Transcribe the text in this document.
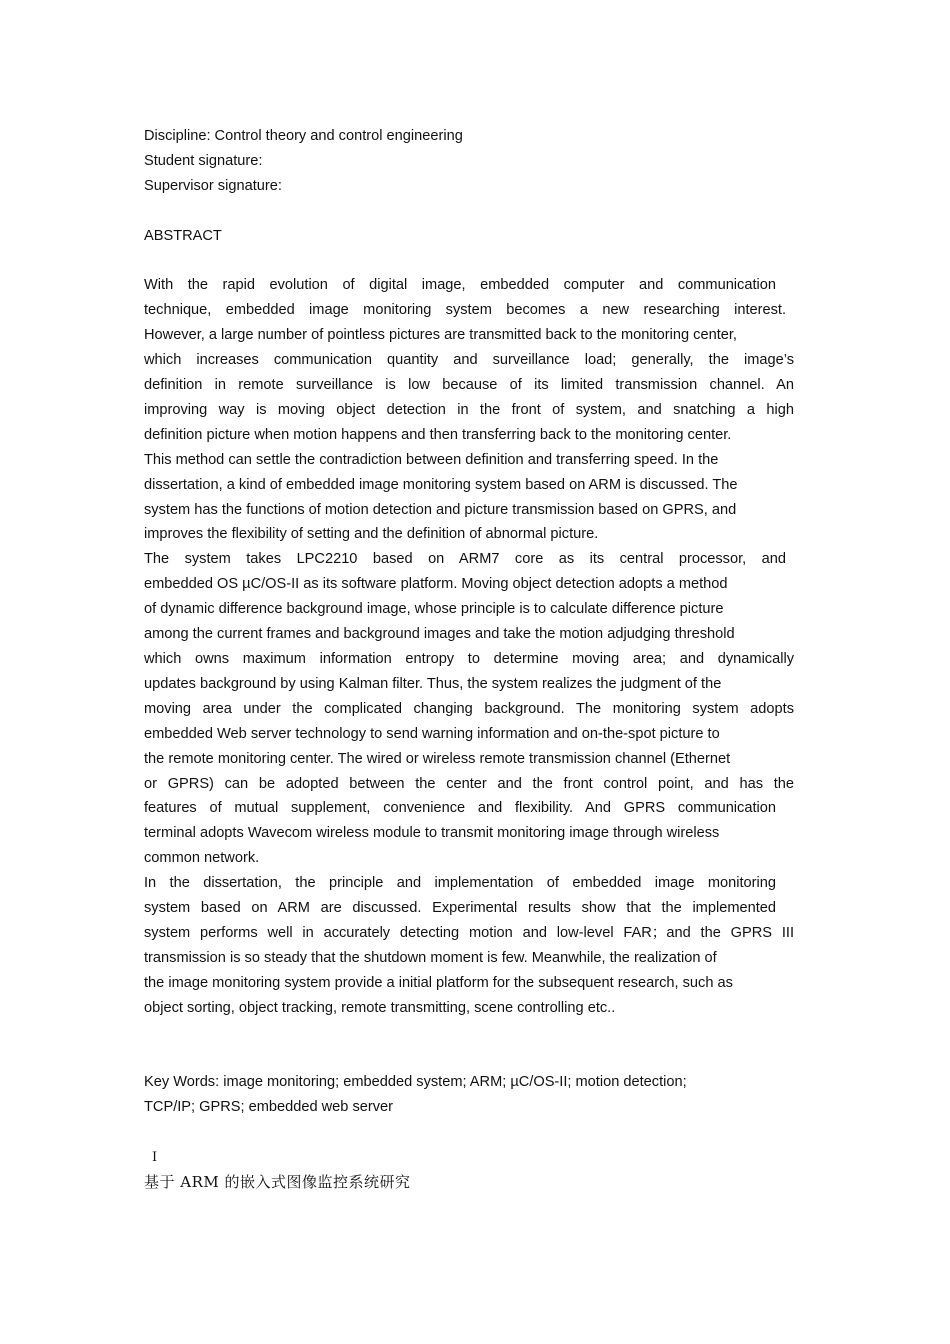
Discipline: Control theory and control engineering
Student signature:
Supervisor signature:
ABSTRACT
With the rapid evolution of digital image, embedded computer and communication
technique, embedded image monitoring system becomes a new researching interest.
However, a large number of pointless pictures are transmitted back to the monitoring center,
which increases communication quantity and surveillance load; generally, the image’s
definition in remote surveillance is low because of its limited transmission channel. An
improving way is moving object detection in the front of system, and snatching a high
definition picture when motion happens and then transferring back to the monitoring center.
This method can settle the contradiction between definition and transferring speed. In the
dissertation, a kind of embedded image monitoring system based on ARM is discussed. The
system has the functions of motion detection and picture transmission based on GPRS, and
improves the flexibility of setting and the definition of abnormal picture.
The system takes LPC2210 based on ARM7 core as its central processor, and
embedded OS µC/OS-II as its software platform. Moving object detection adopts a method
of dynamic difference background image, whose principle is to calculate difference picture
among the current frames and background images and take the motion adjudging threshold
which owns maximum information entropy to determine moving area; and dynamically
updates background by using Kalman filter. Thus, the system realizes the judgment of the
moving area under the complicated changing background. The monitoring system adopts
embedded Web server technology to send warning information and on-the-spot picture to
the remote monitoring center. The wired or wireless remote transmission channel (Ethernet
or GPRS) can be adopted between the center and the front control point, and has the
features of mutual supplement, convenience and flexibility. And GPRS communication
terminal adopts Wavecom wireless module to transmit monitoring image through wireless
common network.
In the dissertation, the principle and implementation of embedded image monitoring
system based on ARM are discussed. Experimental results show that the implemented
system performs well in accurately detecting motion and low-level FAR；and the GPRS III
transmission is so steady that the shutdown moment is few. Meanwhile, the realization of
the image monitoring system provide a initial platform for the subsequent research, such as
object sorting, object tracking, remote transmitting, scene controlling etc..
Key Words: image monitoring; embedded system; ARM; µC/OS-II; motion detection;
TCP/IP; GPRS; embedded web server
I
基于 ARM 的嵌入式图像监控系统研究
